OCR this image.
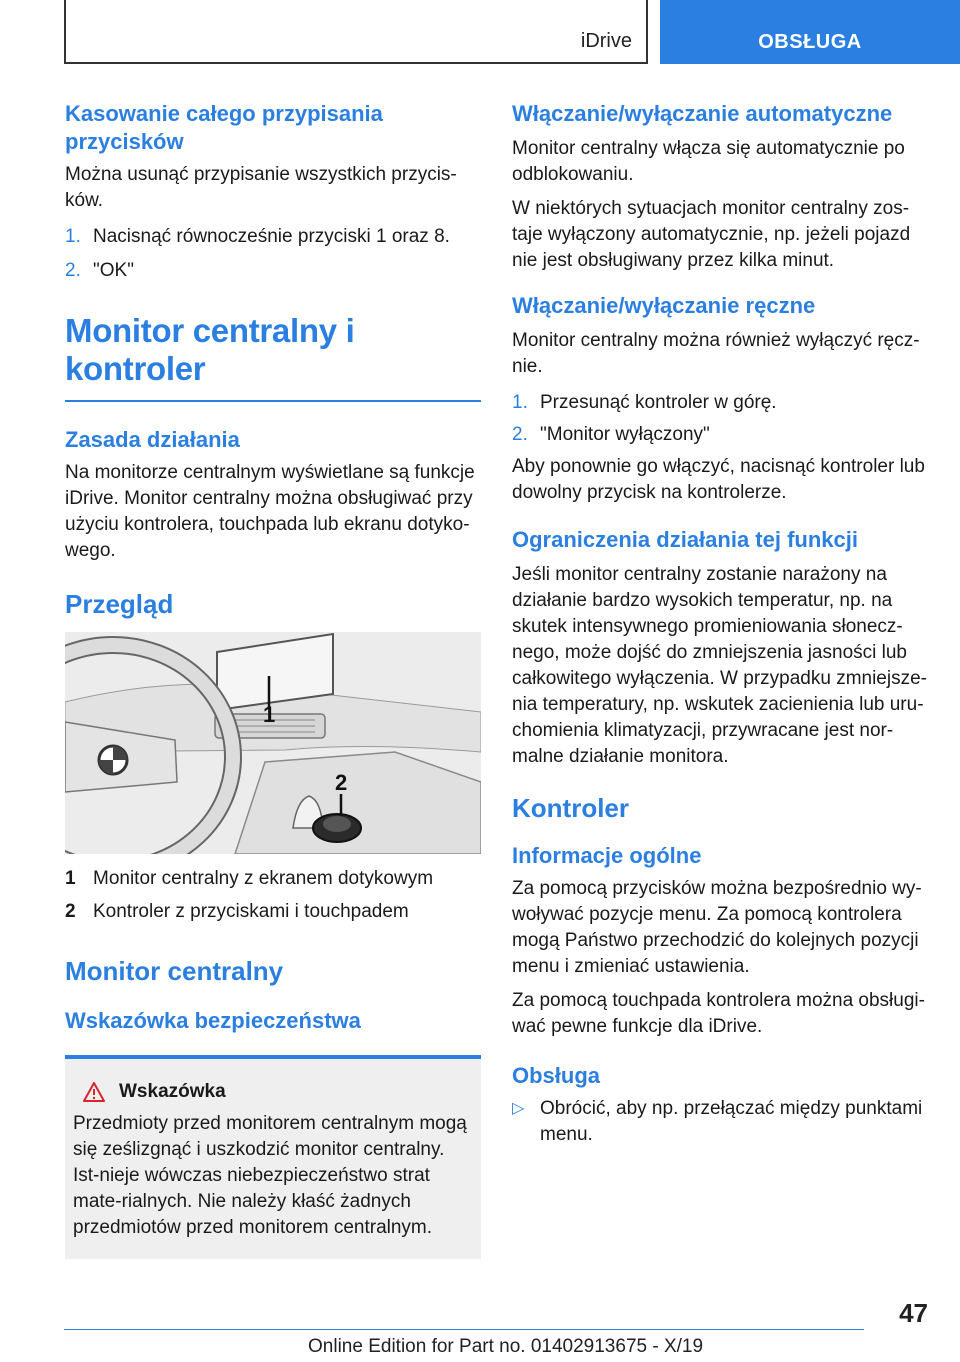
iDrive	OBSŁUGA
Kasowanie całego przypisania przycisków

Można usunąć przypisanie wszystkich przycis-ków.

1. Nacisnąć równocześnie przyciski 1 oraz 8.
2. "OK"
Monitor centralny i kontroler
Zasada działania

Na monitorze centralnym wyświetlane są funkcje iDrive. Monitor centralny można obsługiwać przy użyciu kontrolera, touchpada lub ekranu dotyko-wego.

Przegląd
1
2
1 Monitor centralny z ekranem dotykowym
2 Kontroler z przyciskami i touchpadem
Monitor centralny
Wskazówka bezpieczeństwa
Wskazówka

Przedmioty przed monitorem centralnym mogą się ześlizgnąć i uszkodzić monitor centralny. Ist-nieje wówczas niebezpieczeństwo strat mate-rialnych. Nie należy kłaść żadnych przedmiotów przed monitorem centralnym.

Włączanie/wyłączanie automatyczne

Monitor centralny włącza się automatycznie po odblokowaniu.

W niektórych sytuacjach monitor centralny zos-taje wyłączony automatycznie, np. jeżeli pojazd nie jest obsługiwany przez kilka minut.

Włączanie/wyłączanie ręczne

Monitor centralny można również wyłączyć ręcz-nie.

1. Przesunąć kontroler w górę.
2. "Monitor wyłączony"

Aby ponownie go włączyć, nacisnąć kontroler lub dowolny przycisk na kontrolerze.

Ograniczenia działania tej funkcji

Jeśli monitor centralny zostanie narażony na działanie bardzo wysokich temperatur, np. na skutek intensywnego promieniowania słonecz-nego, może dojść do zmniejszenia jasności lub całkowitego wyłączenia. W przypadku zmniejsze-nia temperatury, np. wskutek zacienienia lub uru-chomienia klimatyzacji, przywracane jest nor-malne działanie monitora.

Kontroler
Informacje ogólne

Za pomocą przycisków można bezpośrednio wy-woływać pozycje menu. Za pomocą kontrolera mogą Państwo przechodzić do kolejnych pozycji menu i zmieniać ustawienia.

Za pomocą touchpada kontrolera można obsługi-wać pewne funkcje dla iDrive.

Obsługa
▷ Obrócić, aby np. przełączać między punktami menu.
47
Online Edition for Part no. 01402913675 - X/19
